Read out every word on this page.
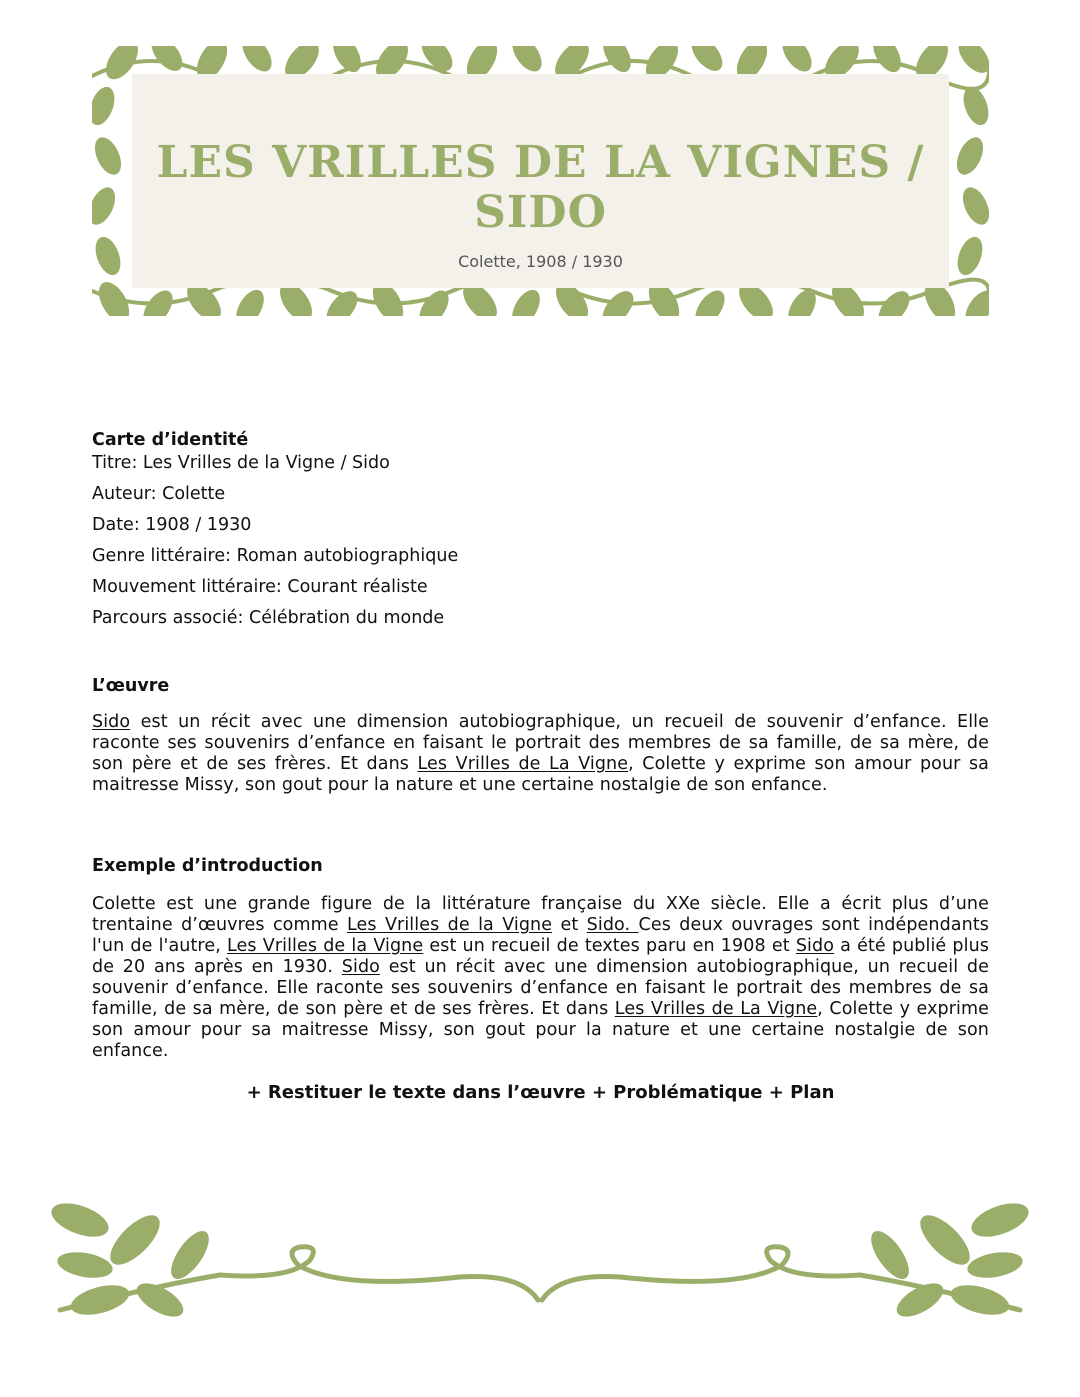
LES VRILLES DE LA VIGNES / SIDO
Colette, 1908 / 1930

Carte d’identité

Titre: Les Vrilles de la Vigne / Sido
Auteur: Colette
Date: 1908 / 1930
Genre littéraire: Roman autobiographique
Mouvement littéraire: Courant réaliste
Parcours associé: Célébration du monde

L’œuvre

Sido est un récit avec une dimension autobiographique, un recueil de souvenir d’enfance. Elle raconte ses souvenirs d’enfance en faisant le portrait des membres de sa famille, de sa mère, de son père et de ses frères. Et dans Les Vrilles de La Vigne, Colette y exprime son amour pour sa maitresse Missy, son gout pour la nature et une certaine nostalgie de son enfance.

Exemple d’introduction

Colette est une grande figure de la littérature française du XXe siècle. Elle a écrit plus d’une trentaine d’œuvres comme Les Vrilles de la Vigne et Sido. Ces deux ouvrages sont indépendants l'un de l'autre, Les Vrilles de la Vigne est un recueil de textes paru en 1908 et Sido a été publié plus de 20 ans après en 1930. Sido est un récit avec une dimension autobiographique, un recueil de souvenir d’enfance. Elle raconte ses souvenirs d’enfance en faisant le portrait des membres de sa famille, de sa mère, de son père et de ses frères. Et dans Les Vrilles de La Vigne, Colette y exprime son amour pour sa maitresse Missy, son gout pour la nature et une certaine nostalgie de son enfance.

+ Restituer le texte dans l’œuvre + Problématique + Plan
